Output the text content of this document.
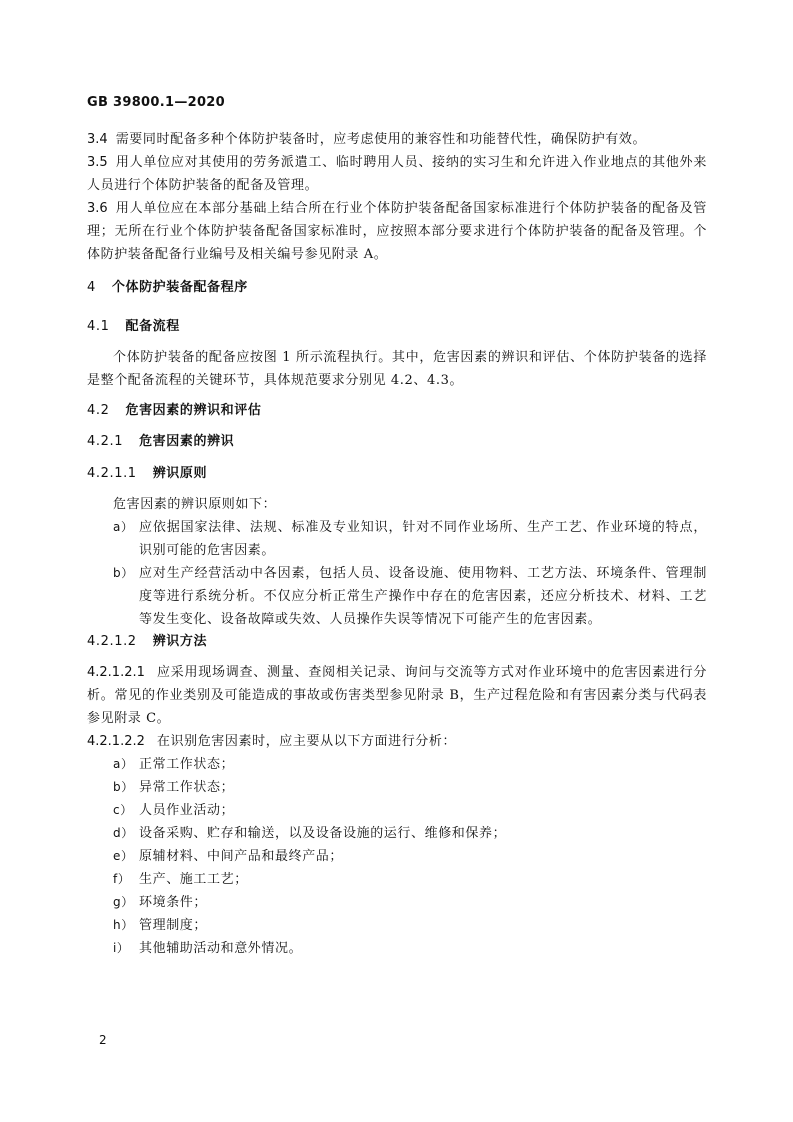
GB 39800.1—2020
3.4 需要同时配备多种个体防护装备时，应考虑使用的兼容性和功能替代性，确保防护有效。
3.5 用人单位应对其使用的劳务派遣工、临时聘用人员、接纳的实习生和允许进入作业地点的其他外来人员进行个体防护装备的配备及管理。
3.6 用人单位应在本部分基础上结合所在行业个体防护装备配备国家标准进行个体防护装备的配备及管理；无所在行业个体防护装备配备国家标准时，应按照本部分要求进行个体防护装备的配备及管理。个体防护装备配备行业编号及相关编号参见附录 A。
4 个体防护装备配备程序
4.1 配备流程
个体防护装备的配备应按图 1 所示流程执行。其中，危害因素的辨识和评估、个体防护装备的选择是整个配备流程的关键环节，具体规范要求分别见 4.2、4.3。
4.2 危害因素的辨识和评估
4.2.1 危害因素的辨识
4.2.1.1 辨识原则
危害因素的辨识原则如下：
a） 应依据国家法律、法规、标准及专业知识，针对不同作业场所、生产工艺、作业环境的特点，识别可能的危害因素。
b） 应对生产经营活动中各因素，包括人员、设备设施、使用物料、工艺方法、环境条件、管理制度等进行系统分析。不仅应分析正常生产操作中存在的危害因素，还应分析技术、材料、工艺等发生变化、设备故障或失效、人员操作失误等情况下可能产生的危害因素。
4.2.1.2 辨识方法
4.2.1.2.1 应采用现场调查、测量、查阅相关记录、询问与交流等方式对作业环境中的危害因素进行分析。常见的作业类别及可能造成的事故或伤害类型参见附录 B，生产过程危险和有害因素分类与代码表参见附录 C。
4.2.1.2.2 在识别危害因素时，应主要从以下方面进行分析：
a） 正常工作状态；
b） 异常工作状态；
c） 人员作业活动；
d） 设备采购、贮存和输送，以及设备设施的运行、维修和保养；
e） 原辅材料、中间产品和最终产品；
f） 生产、施工工艺；
g） 环境条件；
h） 管理制度；
i） 其他辅助活动和意外情况。
2
